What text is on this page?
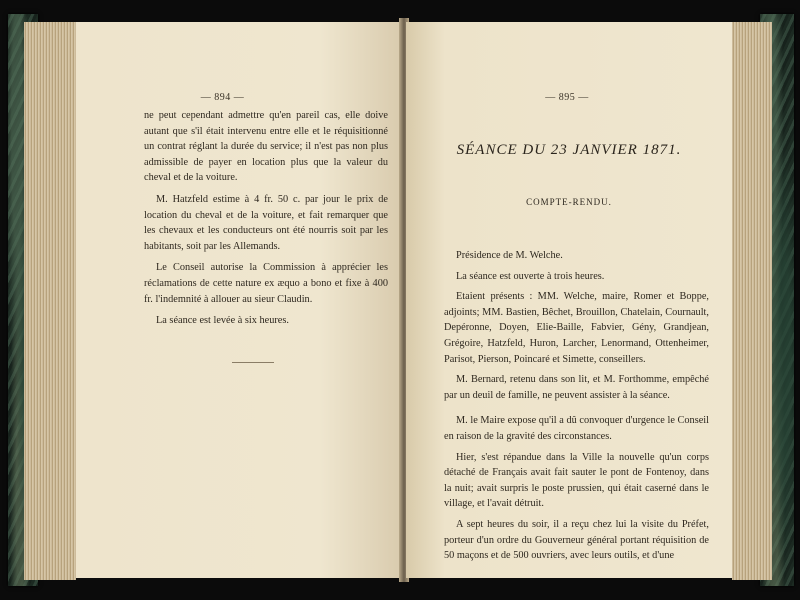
— 894 —

ne peut cependant admettre qu'en pareil cas, elle doive autant que s'il était intervenu entre elle et le réquisitionné un contrat réglant la durée du service; il n'est pas non plus admissible de payer en location plus que la valeur du cheval et de la voiture.

M. Hatzfeld estime à 4 fr. 50 c. par jour le prix de location du cheval et de la voiture, et fait remarquer que les chevaux et les conducteurs ont été nourris soit par les habitants, soit par les Allemands.

Le Conseil autorise la Commission à apprécier les réclamations de cette nature ex æquo a bono et fixe à 400 fr. l'indemnité à allouer au sieur Claudin.

La séance est levée à six heures.

— 895 —
SÉANCE DU 23 JANVIER 1871.
COMPTE-RENDU.

Présidence de M. Welche.

La séance est ouverte à trois heures.

Etaient présents : MM. Welche, maire, Romer et Boppe, adjoints; MM. Bastien, Bêchet, Brouillon, Chatelain, Cournault, Depéronne, Doyen, Elie-Baille, Fabvier, Gény, Grandjean, Grégoire, Hatzfeld, Huron, Larcher, Lenormand, Ottenheimer, Parisot, Pierson, Poincaré et Simette, conseillers.

M. Bernard, retenu dans son lit, et M. Forthomme, empêché par un deuil de famille, ne peuvent assister à la séance.

M. le Maire expose qu'il a dû convoquer d'urgence le Conseil en raison de la gravité des circonstances.

Hier, s'est répandue dans la Ville la nouvelle qu'un corps détaché de Français avait fait sauter le pont de Fontenoy, dans la nuit; avait surpris le poste prussien, qui était caserné dans le village, et l'avait détruit.

A sept heures du soir, il a reçu chez lui la visite du Préfet, porteur d'un ordre du Gouverneur général portant réquisition de 50 maçons et de 500 ouvriers, avec leurs outils, et d'une
